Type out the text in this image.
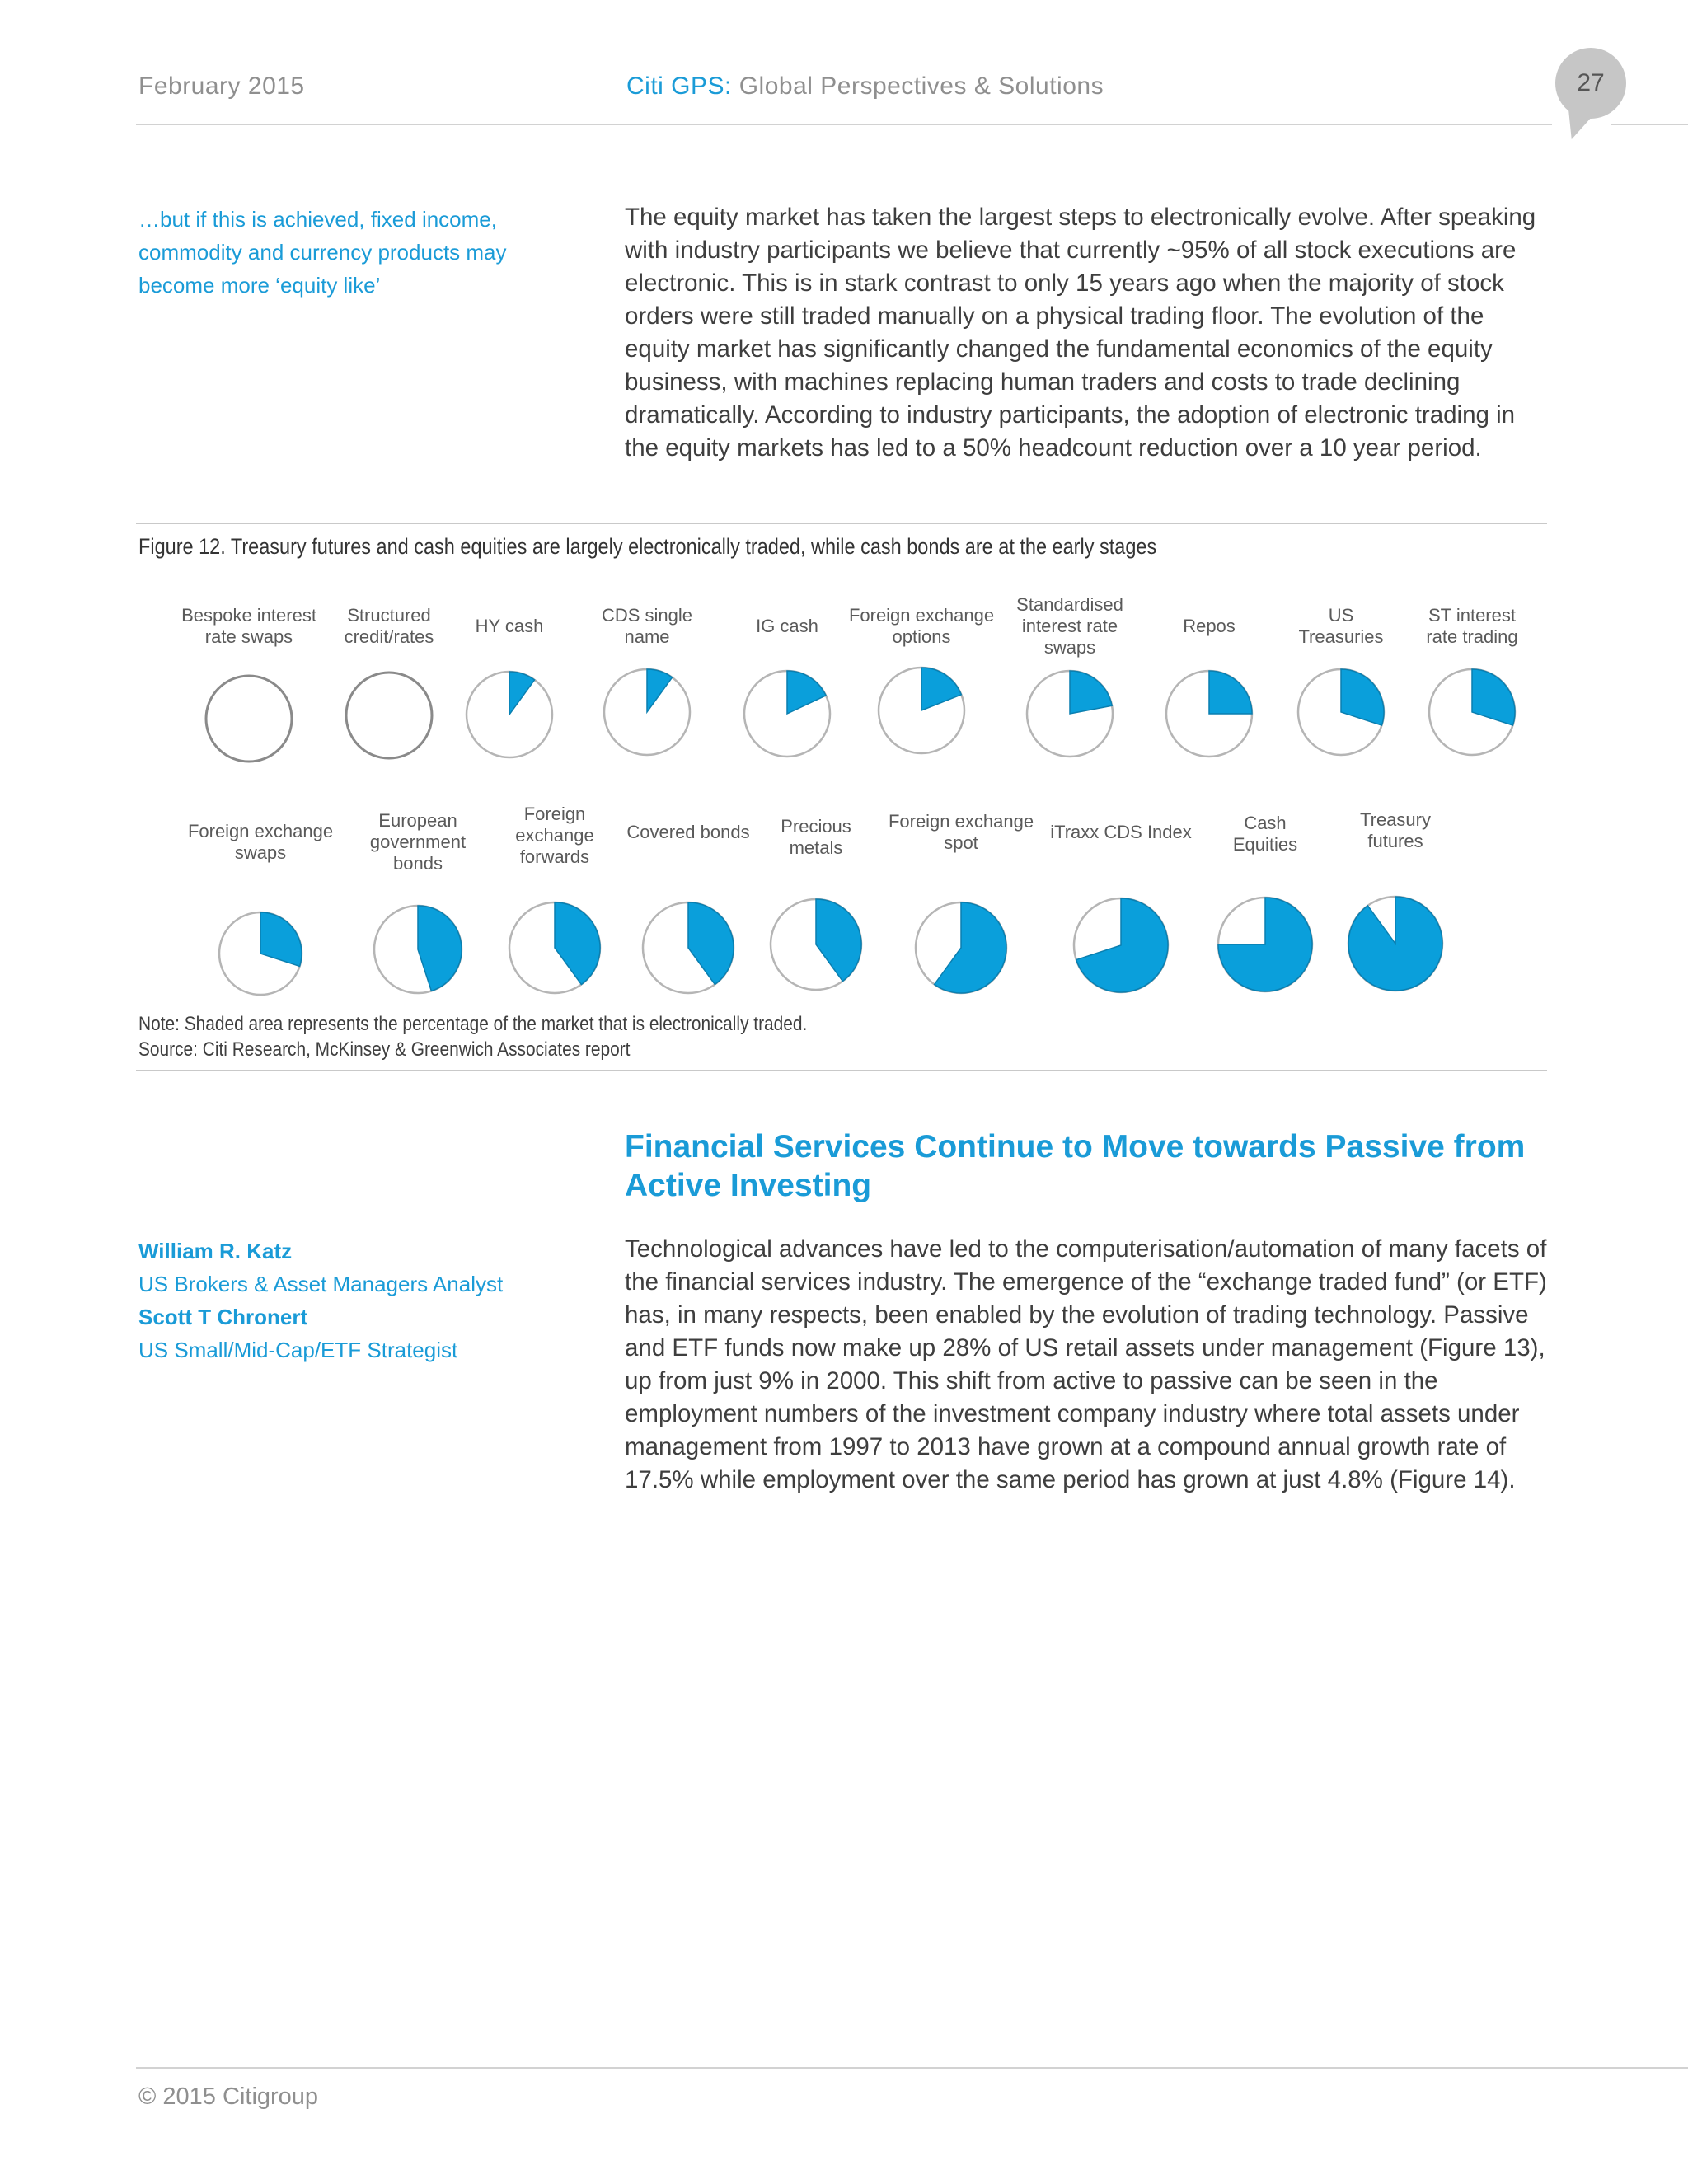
February 2015	Citi GPS: Global Perspectives & Solutions	27
…but if this is achieved, fixed income, commodity and currency products may become more ‘equity like’
The equity market has taken the largest steps to electronically evolve. After speaking with industry participants we believe that currently ~95% of all stock executions are electronic. This is in stark contrast to only 15 years ago when the majority of stock orders were still traded manually on a physical trading floor. The evolution of the equity market has significantly changed the fundamental economics of the equity business, with machines replacing human traders and costs to trade declining dramatically. According to industry participants, the adoption of electronic trading in the equity markets has led to a 50% headcount reduction over a 10 year period.
Figure 12. Treasury futures and cash equities are largely electronically traded, while cash bonds are at the early stages
Bespoke interest
rate swaps
Structured
credit/rates
HY cash
CDS single
name
IG cash
Foreign exchange
options
Standardised
interest rate
swaps
Repos
US
Treasuries
ST interest
rate trading
Foreign exchange
swaps
European
government
bonds
Foreign
exchange
forwards
Covered bonds	Precious
metals
Foreign exchange
spot
iTraxx CDS Index	Cash
Equities
Treasury
futures
Note: Shaded area represents the percentage of the market that is electronically traded.
Source: Citi Research, McKinsey & Greenwich Associates report
Financial Services Continue to Move towards Passive from Active Investing
William R. Katz
US Brokers & Asset Managers Analyst
Scott T Chronert
US Small/Mid-Cap/ETF Strategist
Technological advances have led to the computerisation/automation of many facets of the financial services industry. The emergence of the “exchange traded fund” (or ETF) has, in many respects, been enabled by the evolution of trading technology. Passive and ETF funds now make up 28% of US retail assets under management (Figure 13), up from just 9% in 2000. This shift from active to passive can be seen in the employment numbers of the investment company industry where total assets under management from 1997 to 2013 have grown at a compound annual growth rate of 17.5% while employment over the same period has grown at just 4.8% (Figure 14).
© 2015 Citigroup
